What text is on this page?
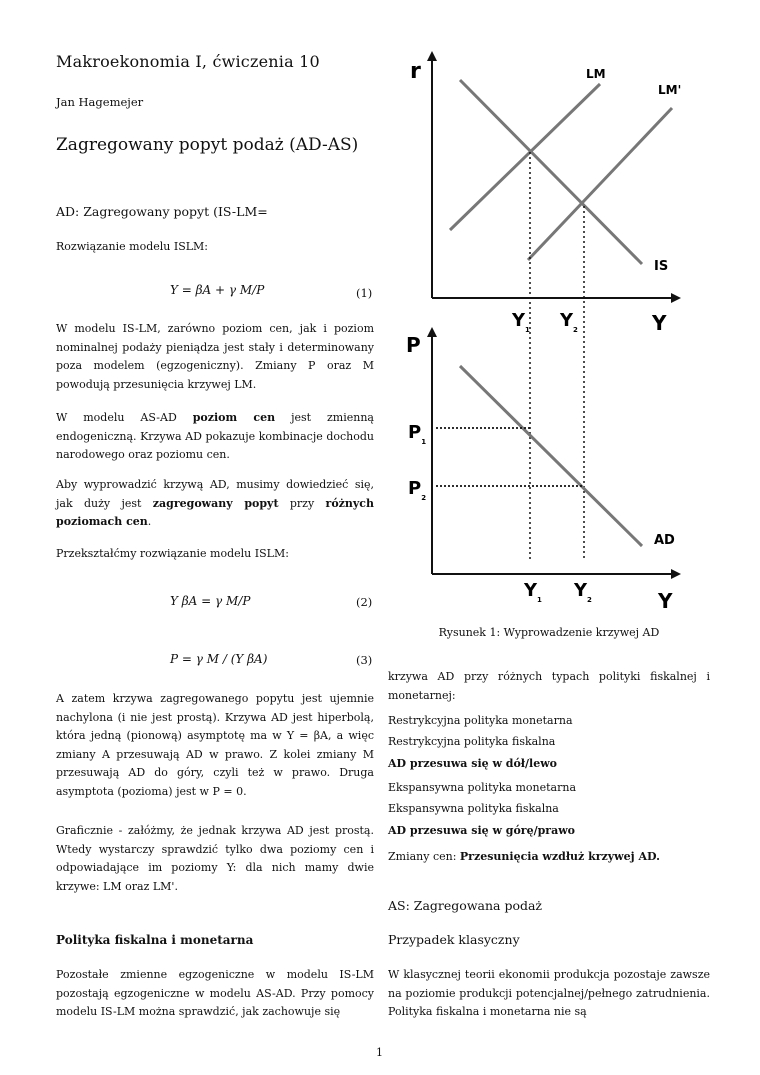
Makroekonomia I, ćwiczenia 10
Jan Hagemejer
Zagregowany popyt podaż (AD-AS)
AD: Zagregowany popyt (IS-LM=
Rozwiązanie modelu ISLM:
Y = βA + γ M/P	(1)
W modelu IS-LM, zarówno poziom cen, jak i poziom nominalnej podaży pieniądza jest stały i determinowany poza modelem (egzogeniczny). Zmiany P oraz M powodują przesunięcia krzywej LM.
W modelu AS-AD poziom cen jest zmienną endogeniczną. Krzywa AD pokazuje kombinacje dochodu narodowego oraz poziomu cen.
Aby wyprowadzić krzywą AD, musimy dowiedzieć się, jak duży jest zagregowany popyt przy różnych poziomach cen.
Przekształćmy rozwiązanie modelu ISLM:
Y βA = γ M/P	(2)
P = γ M / (Y βA)	(3)
A zatem krzywa zagregowanego popytu jest ujemnie nachylona (i nie jest prostą). Krzywa AD jest hiperbolą, która jedną (pionową) asymptotę ma w Y = βA, a więc zmiany A przesuwają AD w prawo. Z kolei zmiany M przesuwają AD do góry, czyli też w prawo. Druga asymptota (pozioma) jest w P = 0.
Graficznie - załóżmy, że jednak krzywa AD jest prostą. Wtedy wystarczy sprawdzić tylko dwa poziomy cen i odpowiadające im poziomy Y: dla nich mamy dwie krzywe: LM oraz LM'.
Polityka fiskalna i monetarna
Pozostałe zmienne egzogeniczne w modelu IS-LM pozostają egzogeniczne w modelu AS-AD. Przy pomocy modelu IS-LM można sprawdzić, jak zachowuje się
r
Y
LM
LM'
IS
$Y_1$ $Y_2$
P
Y
AD
$P_1$
$P_2$
$Y_1$ $Y_2$
Rysunek 1: Wyprowadzenie krzywej AD
krzywa AD przy różnych typach polityki fiskalnej i monetarnej:
Restrykcyjna polityka monetarna
Restrykcyjna polityka fiskalna
AD przesuwa się w dół/lewo
Ekspansywna polityka monetarna
Ekspansywna polityka fiskalna
AD przesuwa się w górę/prawo
Zmiany cen: Przesunięcia wzdłuż krzywej AD.
AS: Zagregowana podaż
Przypadek klasyczny
W klasycznej teorii ekonomii produkcja pozostaje zawsze na poziomie produkcji potencjalnej/pełnego zatrudnienia. Polityka fiskalna i monetarna nie są
1
